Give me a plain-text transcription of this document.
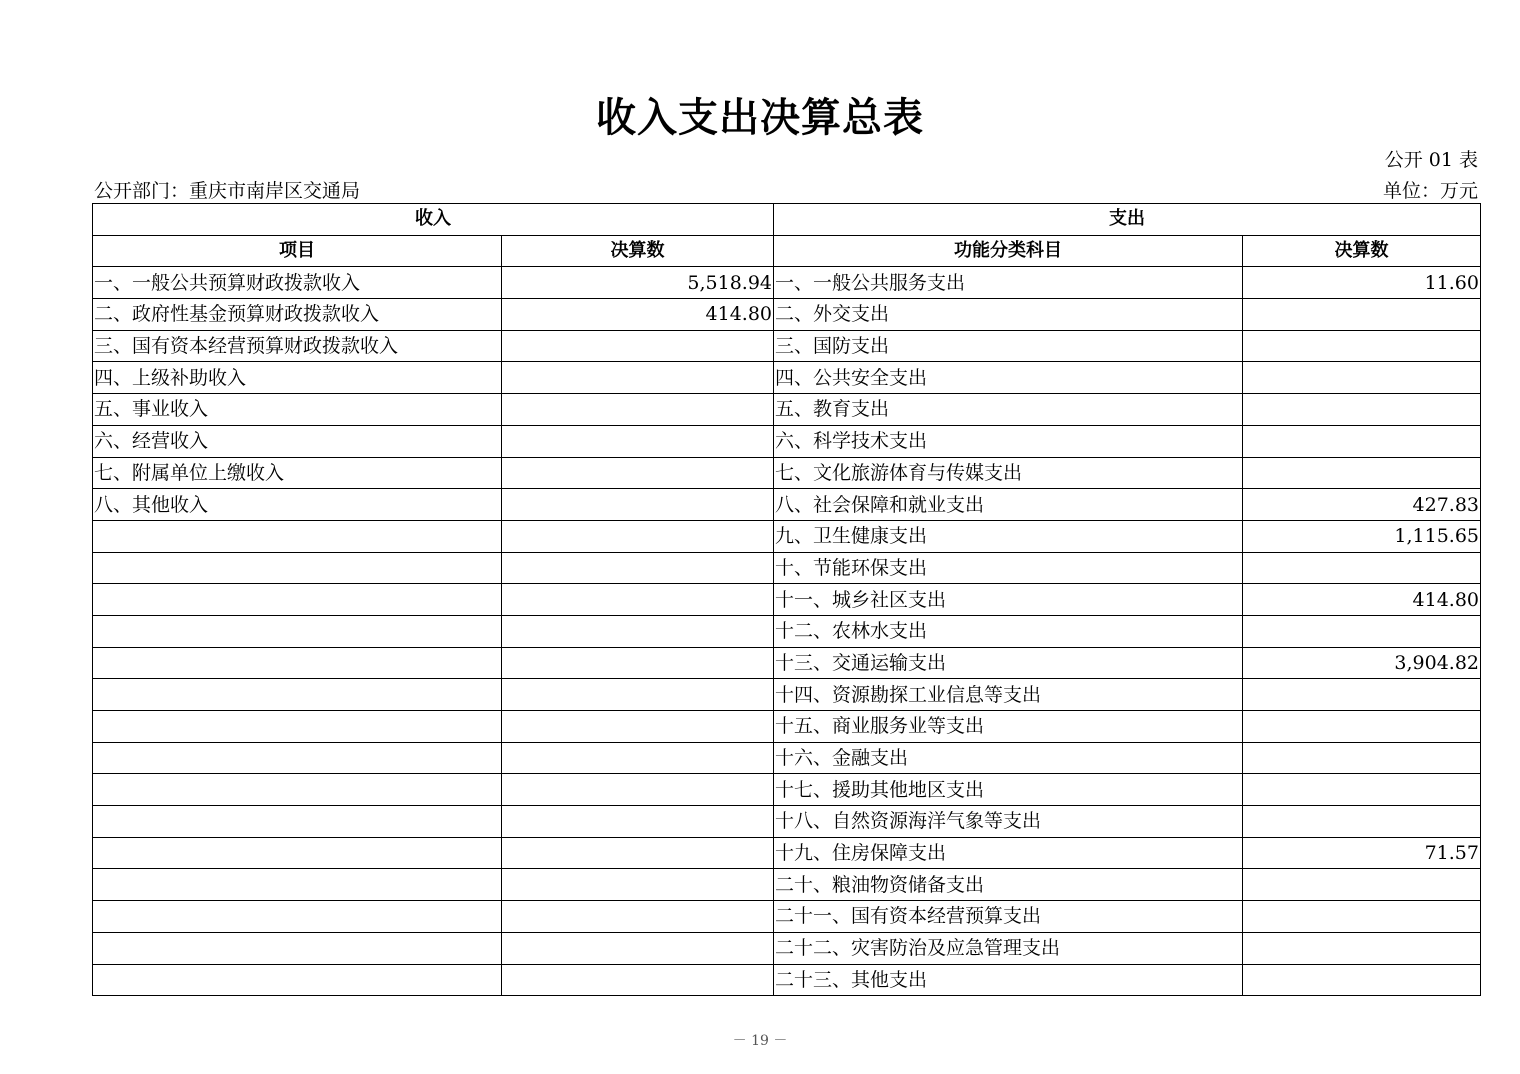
收入支出决算总表
公开 01 表
公开部门：重庆市南岸区交通局	单位：万元
收入		支出	
项目	决算数	功能分类科目	决算数
一、一般公共预算财政拨款收入	5,518.94	一、一般公共服务支出	11.60
二、政府性基金预算财政拨款收入	414.80	二、外交支出	
三、国有资本经营预算财政拨款收入		三、国防支出	
四、上级补助收入		四、公共安全支出	
五、事业收入		五、教育支出	
六、经营收入		六、科学技术支出	
七、附属单位上缴收入		七、文化旅游体育与传媒支出	
八、其他收入		八、社会保障和就业支出	427.83
		九、卫生健康支出	1,115.65
		十、节能环保支出	
		十一、城乡社区支出	414.80
		十二、农林水支出	
		十三、交通运输支出	3,904.82
		十四、资源勘探工业信息等支出	
		十五、商业服务业等支出	
		十六、金融支出	
		十七、援助其他地区支出	
		十八、自然资源海洋气象等支出	
		十九、住房保障支出	71.57
		二十、粮油物资储备支出	
		二十一、国有资本经营预算支出	
		二十二、灾害防治及应急管理支出	
		二十三、其他支出	
－ 19 －
